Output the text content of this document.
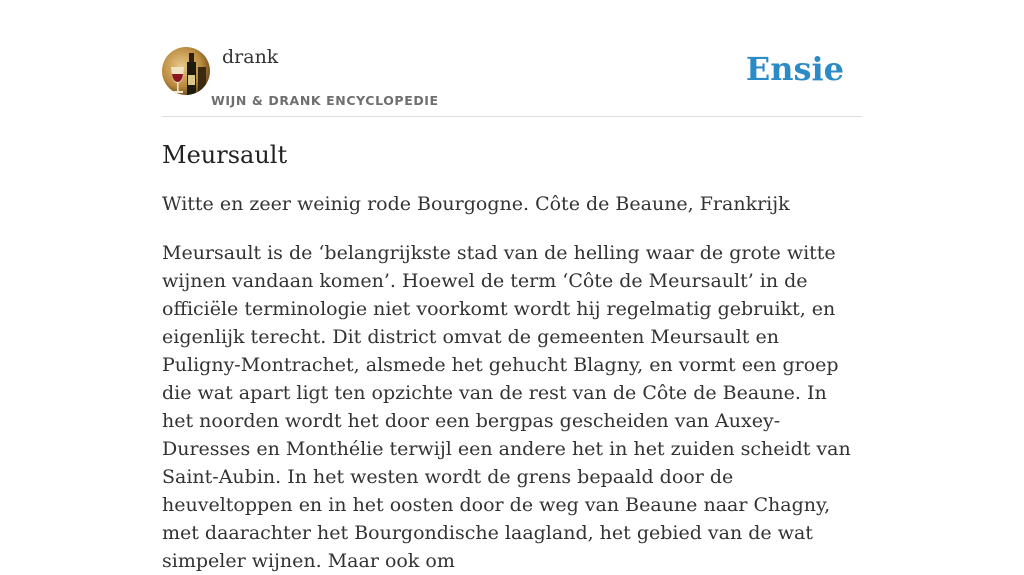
drank
WIJN & DRANK ENCYCLOPEDIE
Ensie
Meursault

Witte en zeer weinig rode Bourgogne. Côte de Beaune, Frankrijk

Meursault is de ‘belangrijkste stad van de helling waar de grote witte wijnen vandaan komen’. Hoewel de term ‘Côte de Meursault’ in de officiële terminologie niet voorkomt wordt hij regelmatig gebruikt, en eigenlijk terecht. Dit district omvat de gemeenten Meursault en Puligny-Montrachet, alsmede het gehucht Blagny, en vormt een groep die wat apart ligt ten opzichte van de rest van de Côte de Beaune. In het noorden wordt het door een bergpas gescheiden van Auxey-Duresses en Monthélie terwijl een andere het in het zuiden scheidt van Saint-Aubin. In het westen wordt de grens bepaald door de heuveltoppen en in het oosten door de weg van Beaune naar Chagny, met daarachter het Bourgondische laagland, het gebied van de wat simpeler wijnen. Maar ook om
